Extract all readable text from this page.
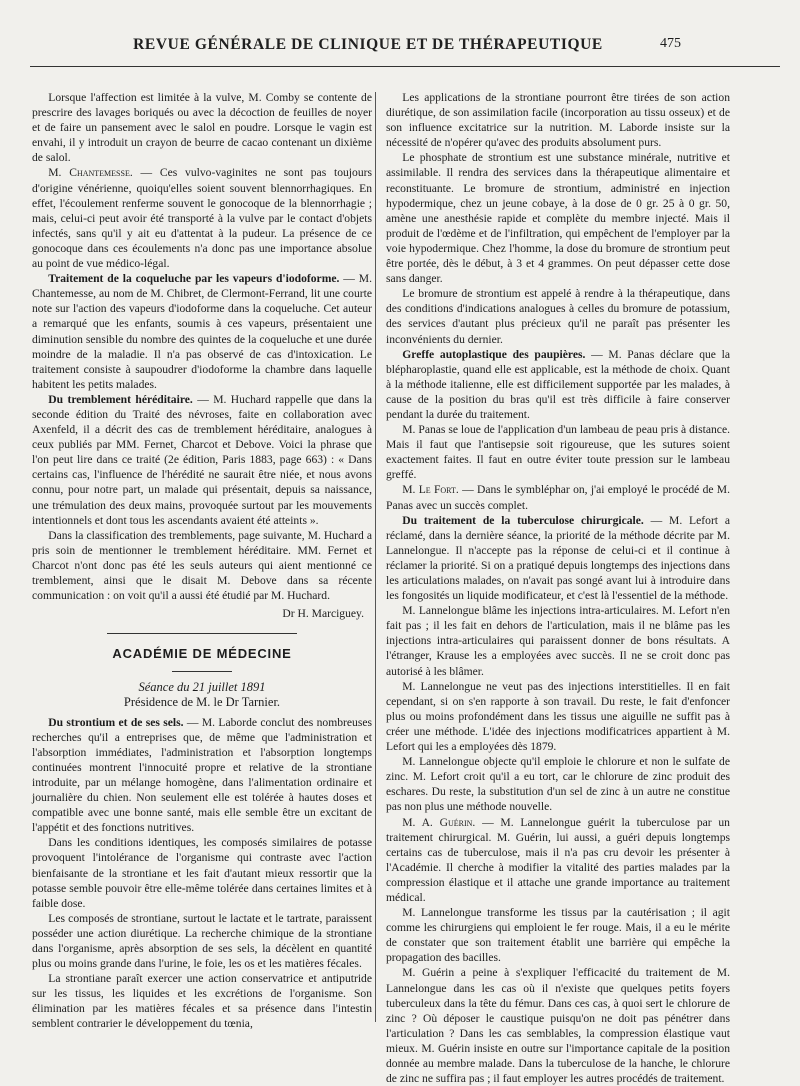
REVUE GÉNÉRALE DE CLINIQUE ET DE THÉRAPEUTIQUE	475

Lorsque l'affection est limitée à la vulve, M. Comby se contente de prescrire des lavages boriqués ou avec la décoction de feuilles de noyer et de faire un pansement avec le salol en poudre. Lorsque le vagin est envahi, il y introduit un crayon de beurre de cacao contenant un dixième de salol.

M. Chantemesse. — Ces vulvo-vaginites ne sont pas toujours d'origine vénérienne, quoiqu'elles soient souvent blennorrhagiques. En effet, l'écoulement renferme souvent le gonocoque de la blennorrhagie ; mais, celui-ci peut avoir été transporté à la vulve par le contact d'objets infectés, sans qu'il y ait eu d'attentat à la pudeur. La présence de ce gonocoque dans ces écoulements n'a donc pas une importance absolue au point de vue médico-légal.

Traitement de la coqueluche par les vapeurs d'iodoforme. — M. Chantemesse, au nom de M. Chibret, de Clermont-Ferrand, lit une courte note sur l'action des vapeurs d'iodoforme dans la coqueluche. Cet auteur a remarqué que les enfants, soumis à ces vapeurs, présentaient une diminution sensible du nombre des quintes de la coqueluche et une durée moindre de la maladie. Il n'a pas observé de cas d'intoxication. Le traitement consiste à saupoudrer d'iodoforme la chambre dans laquelle habitent les petits malades.

Du tremblement héréditaire. — M. Huchard rappelle que dans la seconde édition du Traité des névroses, faite en collaboration avec Axenfeld, il a décrit des cas de tremblement héréditaire, analogues à ceux publiés par MM. Fernet, Charcot et Debove. Voici la phrase que l'on peut lire dans ce traité (2e édition, Paris 1883, page 663) : « Dans certains cas, l'influence de l'hérédité ne saurait être niée, et nous avons connu, pour notre part, un malade qui présentait, depuis sa naissance, une trémulation des deux mains, provoquée surtout par les mouvements intentionnels et dont tous les ascendants avaient été atteints ».

Dans la classification des tremblements, page suivante, M. Huchard a pris soin de mentionner le tremblement héréditaire. MM. Fernet et Charcot n'ont donc pas été les seuls auteurs qui aient mentionné ce tremblement, ainsi que le disait M. Debove dans sa récente communication : on voit qu'il a aussi été étudié par M. Huchard.

Dr H. Marciguey.

ACADÉMIE DE MÉDECINE

Séance du 21 juillet 1891

Présidence de M. le Dr Tarnier.

Du strontium et de ses sels. — M. Laborde conclut des nombreuses recherches qu'il a entreprises que, de même que l'administration et l'absorption immédiates, l'administration et l'absorption longtemps continuées montrent l'innocuité propre et relative de la strontiane introduite, par un mélange homogène, dans l'alimentation ordinaire et journalière du chien. Non seulement elle est tolérée à hautes doses et compatible avec une bonne santé, mais elle semble être un excitant de l'appétit et des fonctions nutritives.

Dans les conditions identiques, les composés similaires de potasse provoquent l'intolérance de l'organisme qui contraste avec l'action bienfaisante de la strontiane et les fait d'autant mieux ressortir que la potasse semble pouvoir être elle-même tolérée dans certaines limites et à faible dose.

Les composés de strontiane, surtout le lactate et le tartrate, paraissent posséder une action diurétique. La recherche chimique de la strontiane dans l'organisme, après absorption de ses sels, la décèlent en quantité plus ou moins grande dans l'urine, le foie, les os et les matières fécales.

La strontiane paraît exercer une action conservatrice et antiputride sur les tissus, les liquides et les excrétions de l'organisme. Son élimination par les matières fécales et sa présence dans l'intestin semblent contrarier le développement du tœnia,

Les applications de la strontiane pourront être tirées de son action diurétique, de son assimilation facile (incorporation au tissu osseux) et de son influence excitatrice sur la nutrition. M. Laborde insiste sur la nécessité de n'opérer qu'avec des produits absolument purs.

Le phosphate de strontium est une substance minérale, nutritive et assimilable. Il rendra des services dans la thérapeutique alimentaire et reconstituante. Le bromure de strontium, administré en injection hypodermique, chez un jeune cobaye, à la dose de 0 gr. 25 à 0 gr. 50, amène une anesthésie rapide et complète du membre injecté. Mais il produit de l'œdème et de l'infiltration, qui empêchent de l'employer par la voie hypodermique. Chez l'homme, la dose du bromure de strontium peut être portée, dès le début, à 3 et 4 grammes. On peut dépasser cette dose sans danger.

Le bromure de strontium est appelé à rendre à la thérapeutique, dans des conditions d'indications analogues à celles du bromure de potassium, des services d'autant plus précieux qu'il ne paraît pas présenter les inconvénients du dernier.

Greffe autoplastique des paupières. — M. Panas déclare que la blépharoplastie, quand elle est applicable, est la méthode de choix. Quant à la méthode italienne, elle est difficilement supportée par les malades, à cause de la position du bras qu'il est très difficile à faire conserver pendant la durée du traitement.

M. Panas se loue de l'application d'un lambeau de peau pris à distance. Mais il faut que l'antisepsie soit rigoureuse, que les sutures soient exactement faites. Il faut en outre éviter toute pression sur le lambeau greffé.

M. Le Fort. — Dans le symbléphar on, j'ai employé le procédé de M. Panas avec un succès complet.

Du traitement de la tuberculose chirurgicale. — M. Lefort a réclamé, dans la dernière séance, la priorité de la méthode décrite par M. Lannelongue. Il n'accepte pas la réponse de celui-ci et il continue à réclamer la priorité. Si on a pratiqué depuis longtemps des injections dans les articulations malades, on n'avait pas songé avant lui à introduire dans les fongosités un liquide modificateur, et c'est là l'essentiel de la méthode.

M. Lannelongue blâme les injections intra-articulaires. M. Lefort n'en fait pas ; il les fait en dehors de l'articulation, mais il ne blâme pas les injections intra-articulaires qui paraissent donner de bons résultats. A l'étranger, Krause les a employées avec succès. Il ne se croit donc pas autorisé à les blâmer.

M. Lannelongue ne veut pas des injections interstitielles. Il en fait cependant, si on s'en rapporte à son travail. Du reste, le fait d'enfoncer plus ou moins profondément dans les tissus une aiguille ne suffit pas à créer une méthode. L'idée des injections modificatrices appartient à M. Lefort qui les a employées dès 1879.

M. Lannelongue objecte qu'il emploie le chlorure et non le sulfate de zinc. M. Lefort croit qu'il a eu tort, car le chlorure de zinc produit des eschares. Du reste, la substitution d'un sel de zinc à un autre ne constitue pas non plus une méthode nouvelle.

M. A. Guérin. — M. Lannelongue guérit la tuberculose par un traitement chirurgical. M. Guérin, lui aussi, a guéri depuis longtemps certains cas de tuberculose, mais il n'a pas cru devoir les présenter à l'Académie. Il cherche à modifier la vitalité des parties malades par la compression élastique et il attache une grande importance au traitement médical.

M. Lannelongue transforme les tissus par la cautérisation ; il agit comme les chirurgiens qui emploient le fer rouge. Mais, il a eu le mérite de constater que son traitement établit une barrière qui empêche la propagation des bacilles.

M. Guérin a peine à s'expliquer l'efficacité du traitement de M. Lannelongue dans les cas où il n'existe que quelques petits foyers tuberculeux dans la tête du fémur. Dans ces cas, à quoi sert le chlorure de zinc ? Où déposer le caustique puisqu'on ne doit pas pénétrer dans l'articulation ? Dans les cas semblables, la compression élastique vaut mieux. M. Guérin insiste en outre sur l'importance capitale de la position donnée au membre malade. Dans la tuberculose de la hanche, le chlorure de zinc ne suffira pas ; il faut employer les autres procédés de traitement.
